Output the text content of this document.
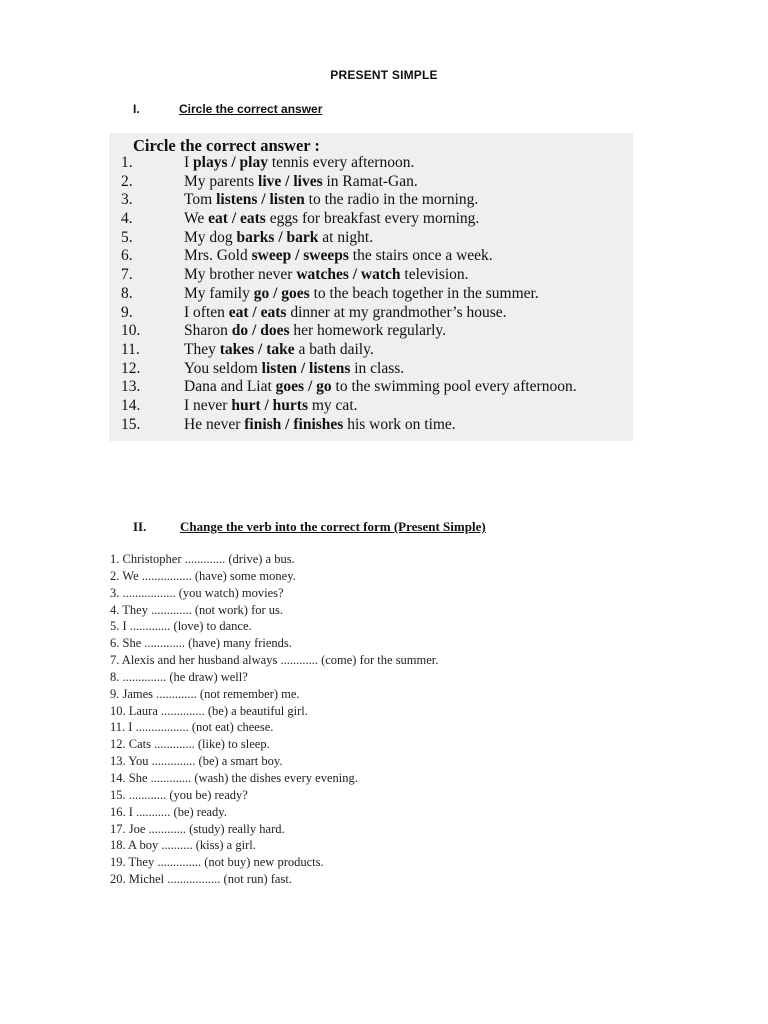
PRESENT SIMPLE
I.	Circle the correct answer
Circle the correct answer :
1.	I plays / play tennis every afternoon.
2.	My parents live / lives in Ramat-Gan.
3.	Tom listens / listen to the radio in the morning.
4.	We eat / eats eggs for breakfast every morning.
5.	My dog barks / bark at night.
6.	Mrs. Gold sweep / sweeps the stairs once a week.
7.	My brother never watches / watch television.
8.	My family go / goes to the beach together in the summer.
9.	I often eat / eats dinner at my grandmother’s house.
10.	Sharon do / does her homework regularly.
11.	They takes / take a bath daily.
12.	You seldom listen / listens in class.
13.	Dana and Liat goes / go to the swimming pool every afternoon.
14.	I never hurt / hurts my cat.
15.	He never finish / finishes his work on time.
II.	Change the verb into the correct form (Present Simple)
1. Christopher ............. (drive) a bus.
2. We ................ (have) some money.
3. ................. (you watch) movies?
4. They ............. (not work) for us.
5. I ............. (love) to dance.
6. She ............. (have) many friends.
7. Alexis and her husband always ............ (come) for the summer.
8. .............. (he draw) well?
9. James ............. (not remember) me.
10. Laura .............. (be) a beautiful girl.
11. I ................. (not eat) cheese.
12. Cats ............. (like) to sleep.
13. You .............. (be) a smart boy.
14. She ............. (wash) the dishes every evening.
15. ............ (you be) ready?
16. I ........... (be) ready.
17. Joe ............ (study) really hard.
18. A boy .......... (kiss) a girl.
19. They .............. (not buy) new products.
20. Michel ................. (not run) fast.
